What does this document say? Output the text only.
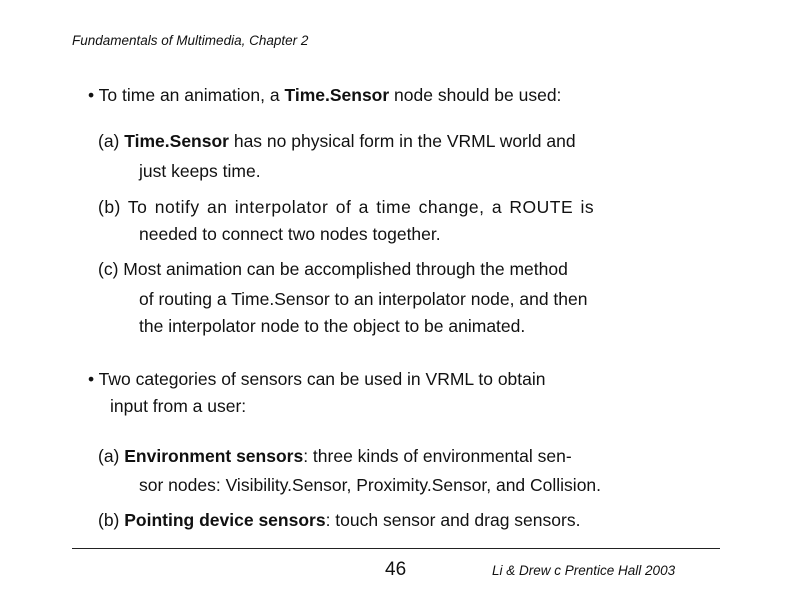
Fundamentals of Multimedia, Chapter 2
• To time an animation, a Time.Sensor node should be used:
(a) Time.Sensor has no physical form in the VRML world and
just keeps time.
(b) To notify an interpolator of a time change, a ROUTE is
needed to connect two nodes together.
(c) Most animation can be accomplished through the method
of routing a Time.Sensor to an interpolator node, and then
the interpolator node to the object to be animated.
• Two categories of sensors can be used in VRML to obtain
input from a user:
(a) Environment sensors: three kinds of environmental sen-
sor nodes: Visibility.Sensor, Proximity.Sensor, and Collision.
(b) Pointing device sensors: touch sensor and drag sensors.
46	Li & Drew c Prentice Hall 2003
